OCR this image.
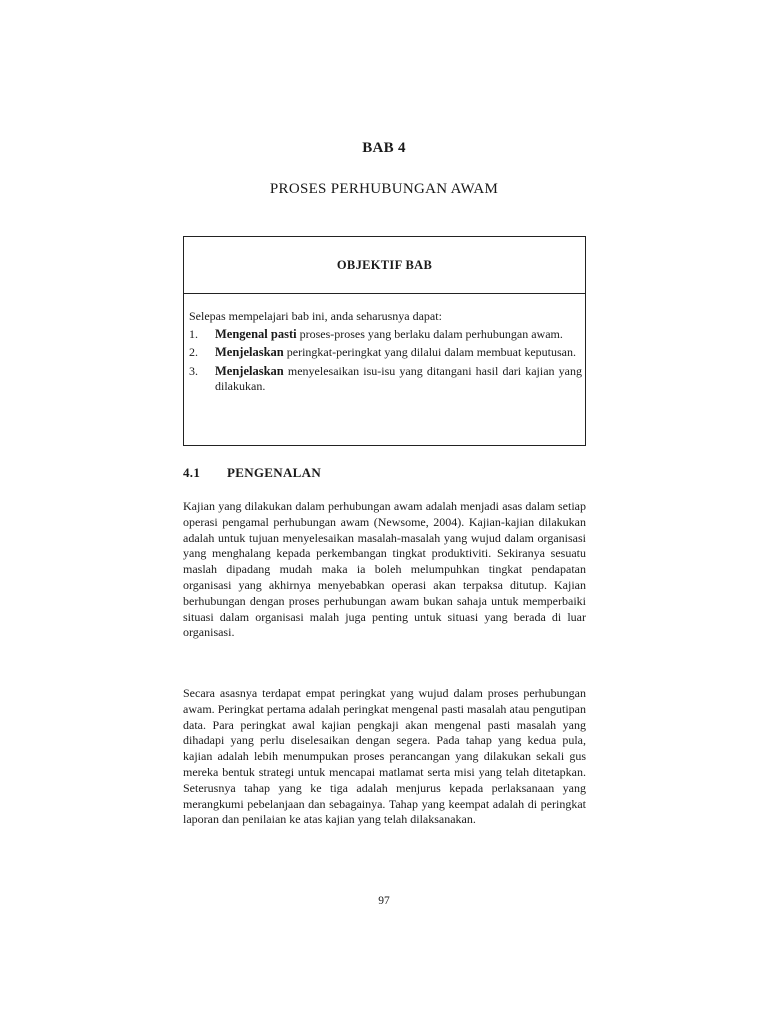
BAB 4
PROSES PERHUBUNGAN AWAM
OBJEKTIF BAB

Selepas mempelajari bab ini, anda seharusnya dapat:

1.	Mengenal pasti proses-proses yang berlaku dalam perhubungan awam.
2.	Menjelaskan peringkat-peringkat yang dilalui dalam membuat keputusan.
3.	Menjelaskan menyelesaikan isu-isu yang ditangani hasil dari kajian yang dilakukan.
4.1 PENGENALAN

Kajian yang dilakukan dalam perhubungan awam adalah menjadi asas dalam setiap operasi pengamal perhubungan awam (Newsome, 2004). Kajian-kajian dilakukan adalah untuk tujuan menyelesaikan masalah-masalah yang wujud dalam organisasi yang menghalang kepada perkembangan tingkat produktiviti. Sekiranya sesuatu maslah dipadang mudah maka ia boleh melumpuhkan tingkat pendapatan organisasi yang akhirnya menyebabkan operasi akan terpaksa ditutup. Kajian berhubungan dengan proses perhubungan awam bukan sahaja untuk memperbaiki situasi dalam organisasi malah juga penting untuk situasi yang berada di luar organisasi.

Secara asasnya terdapat empat peringkat yang wujud dalam proses perhubungan awam. Peringkat pertama adalah peringkat mengenal pasti masalah atau pengutipan data. Para peringkat awal kajian pengkaji akan mengenal pasti masalah yang dihadapi yang perlu diselesaikan dengan segera. Pada tahap yang kedua pula, kajian adalah lebih menumpukan proses perancangan yang dilakukan sekali gus mereka bentuk strategi untuk mencapai matlamat serta misi yang telah ditetapkan. Seterusnya tahap yang ke tiga adalah menjurus kepada perlaksanaan yang merangkumi pebelanjaan dan sebagainya. Tahap yang keempat adalah di peringkat laporan dan penilaian ke atas kajian yang telah dilaksanakan.

97
